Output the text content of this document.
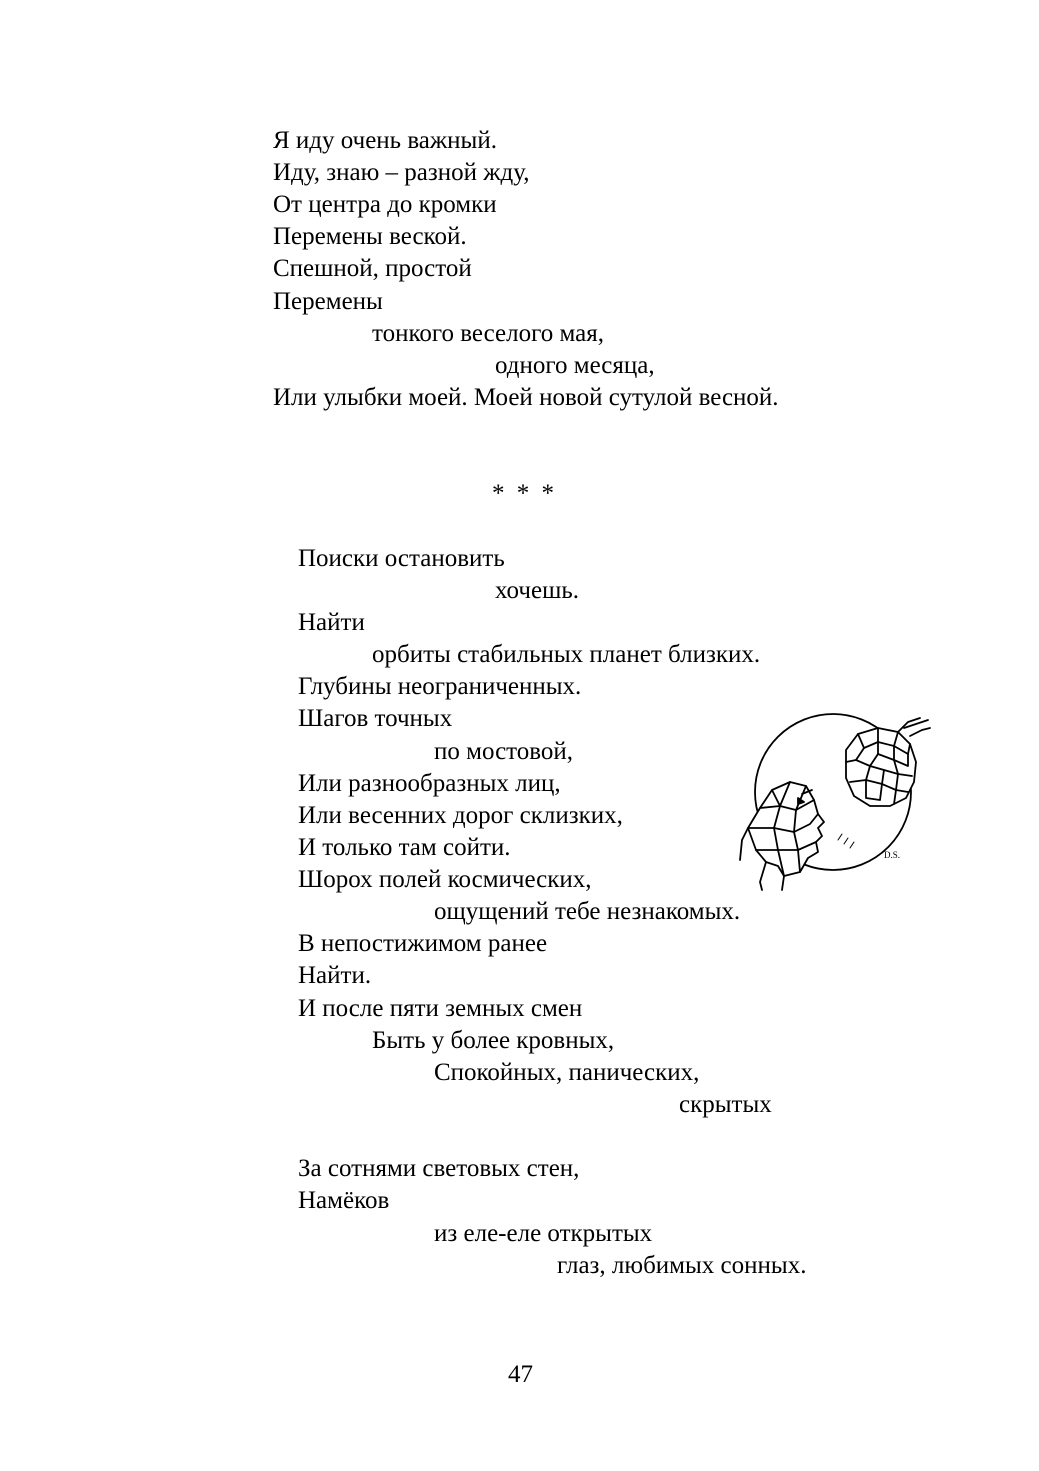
Я иду очень важный.
Иду, знаю – разной жду,
От центра до кромки
Перемены веской.
Спешной, простой
Перемены
тонкого веселого мая,
одного месяца,
Или улыбки моей. Моей новой сутулой весной.
* * *
Поиски остановить
хочешь.
Найти
орбиты стабильных планет близких.
Глубины неограниченных.
Шагов точных
по мостовой,
Или разнообразных лиц,
Или весенних дорог склизких,
И только там сойти.
Шорох полей космических,
ощущений тебе незнакомых.
В непостижимом ранее
Найти.
И после пяти земных смен
Быть у более кровных,
Спокойных, панических,
скрытых
За сотнями световых стен,
Намёков
из еле-еле открытых
глаз, любимых сонных.
D.S.
47
